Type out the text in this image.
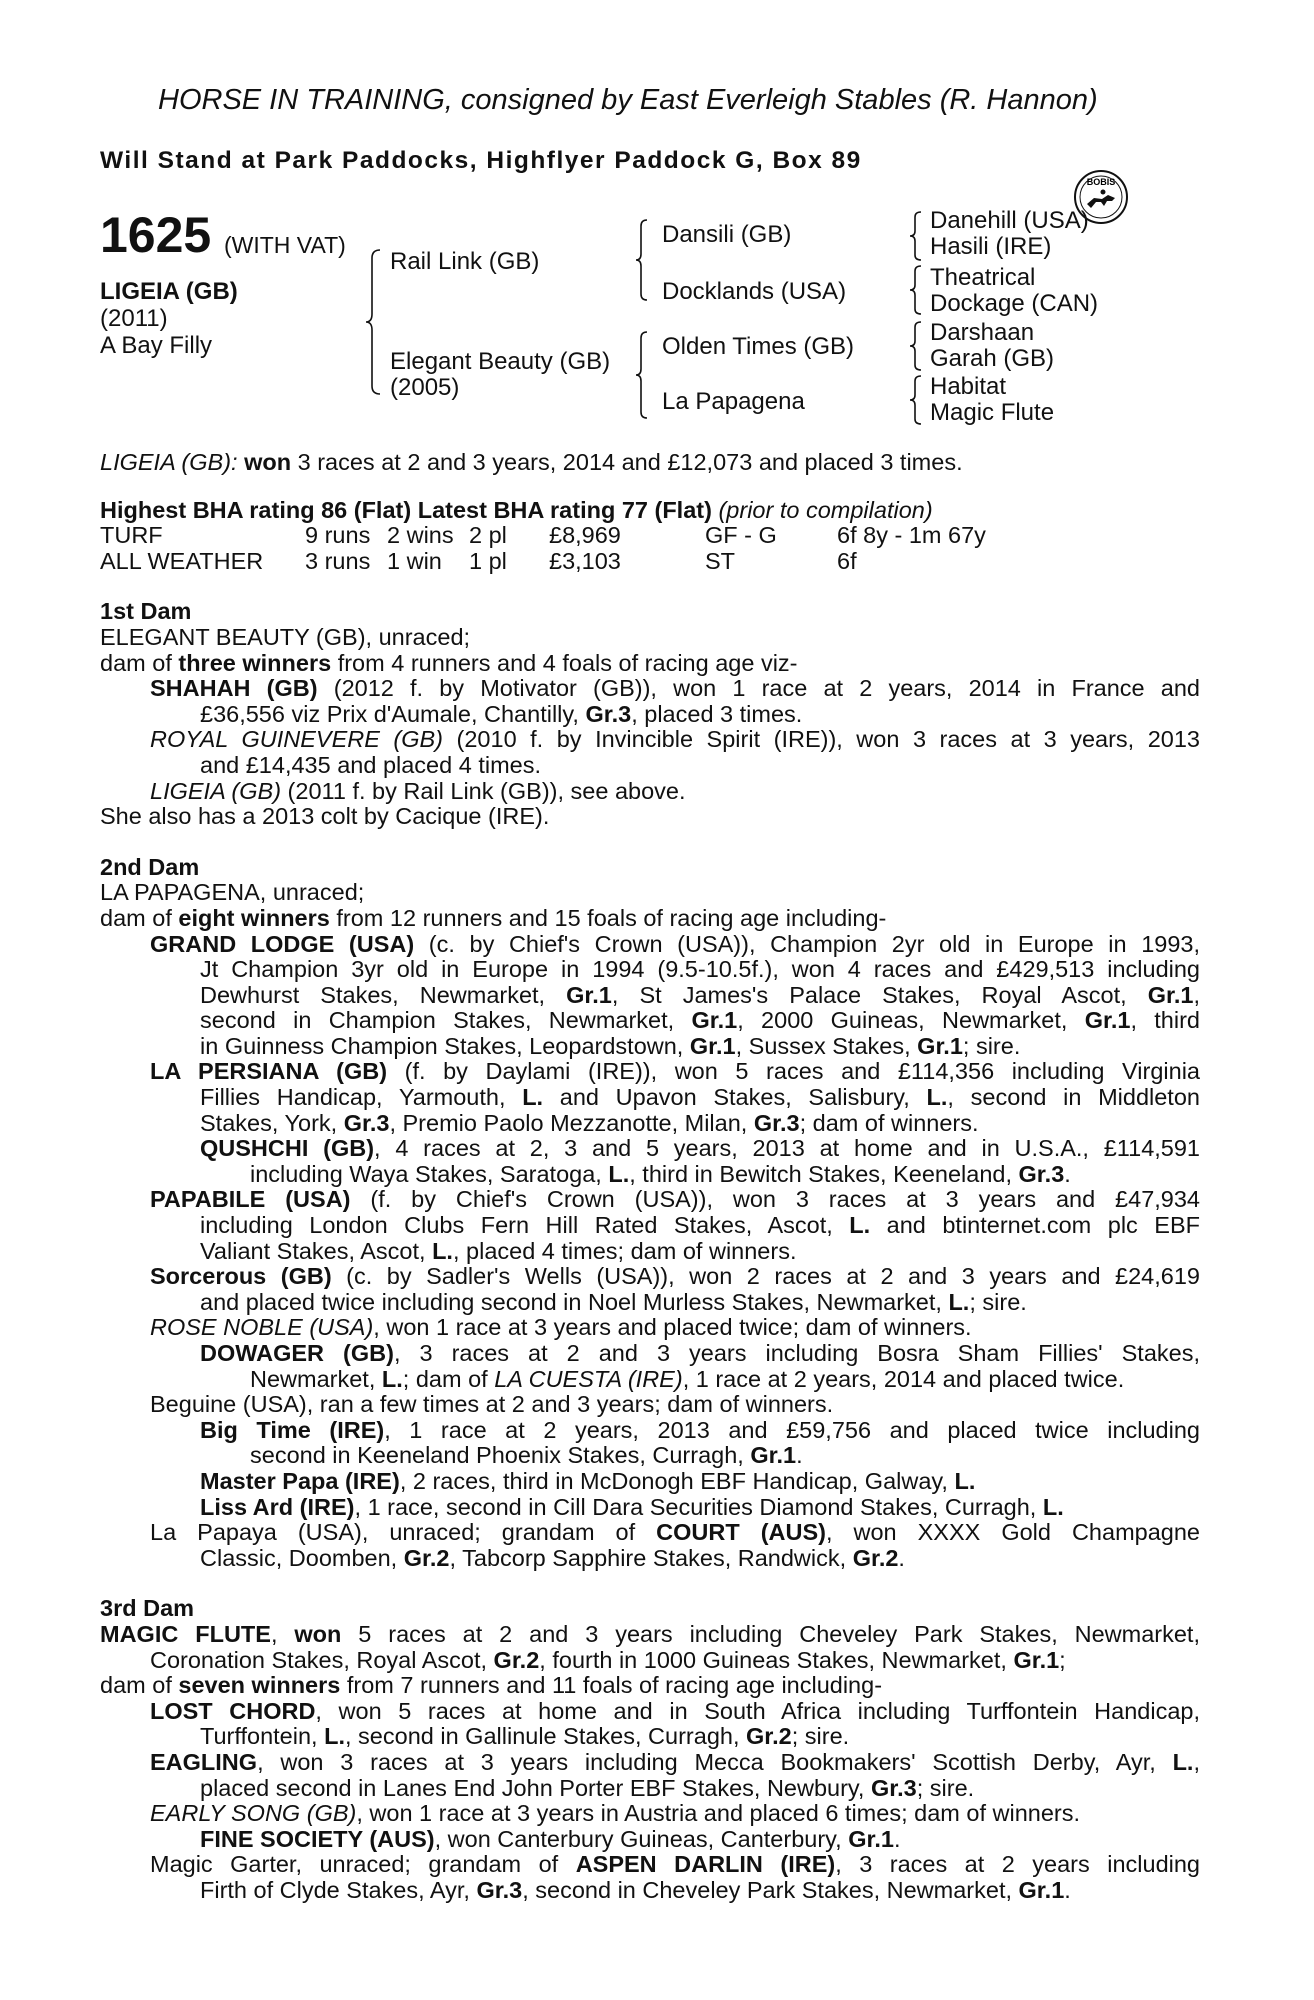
HORSE IN TRAINING, consigned by East Everleigh Stables (R. Hannon)
Will Stand at Park Paddocks, Highflyer Paddock G, Box 89
BOBIS
1625 (WITH VAT)
LIGEIA (GB)
(2011)
A Bay Filly
Rail Link (GB)
Elegant Beauty (GB)
(2005)
Dansili (GB)
Docklands (USA)
Olden Times (GB)
La Papagena
Danehill (USA)
Hasili (IRE)
Theatrical
Dockage (CAN)
Darshaan
Garah (GB)
Habitat
Magic Flute

LIGEIA (GB): won 3 races at 2 and 3 years, 2014 and £12,073 and placed 3 times.

Highest BHA rating 86 (Flat) Latest BHA rating 77 (Flat) (prior to compilation)

TURF	9 runs	2 wins	2 pl	£8,969	GF - G	6f 8y - 1m 67y
ALL WEATHER	3 runs	1 win	1 pl	£3,103	ST	6f

1st Dam

ELEGANT BEAUTY (GB), unraced;

dam of three winners from 4 runners and 4 foals of racing age viz-

SHAHAH (GB) (2012 f. by Motivator (GB)), won 1 race at 2 years, 2014 in France and

£36,556 viz Prix d'Aumale, Chantilly, Gr.3, placed 3 times.

ROYAL GUINEVERE (GB) (2010 f. by Invincible Spirit (IRE)), won 3 races at 3 years, 2013

and £14,435 and placed 4 times.

LIGEIA (GB) (2011 f. by Rail Link (GB)), see above.

She also has a 2013 colt by Cacique (IRE).

2nd Dam

LA PAPAGENA, unraced;

dam of eight winners from 12 runners and 15 foals of racing age including-

GRAND LODGE (USA) (c. by Chief's Crown (USA)), Champion 2yr old in Europe in 1993,

Jt Champion 3yr old in Europe in 1994 (9.5-10.5f.), won 4 races and £429,513 including

Dewhurst Stakes, Newmarket, Gr.1, St James's Palace Stakes, Royal Ascot, Gr.1,

second in Champion Stakes, Newmarket, Gr.1, 2000 Guineas, Newmarket, Gr.1, third

in Guinness Champion Stakes, Leopardstown, Gr.1, Sussex Stakes, Gr.1; sire.

LA PERSIANA (GB) (f. by Daylami (IRE)), won 5 races and £114,356 including Virginia

Fillies Handicap, Yarmouth, L. and Upavon Stakes, Salisbury, L., second in Middleton

Stakes, York, Gr.3, Premio Paolo Mezzanotte, Milan, Gr.3; dam of winners.

QUSHCHI (GB), 4 races at 2, 3 and 5 years, 2013 at home and in U.S.A., £114,591

including Waya Stakes, Saratoga, L., third in Bewitch Stakes, Keeneland, Gr.3.

PAPABILE (USA) (f. by Chief's Crown (USA)), won 3 races at 3 years and £47,934

including London Clubs Fern Hill Rated Stakes, Ascot, L. and btinternet.com plc EBF

Valiant Stakes, Ascot, L., placed 4 times; dam of winners.

Sorcerous (GB) (c. by Sadler's Wells (USA)), won 2 races at 2 and 3 years and £24,619

and placed twice including second in Noel Murless Stakes, Newmarket, L.; sire.

ROSE NOBLE (USA), won 1 race at 3 years and placed twice; dam of winners.

DOWAGER (GB), 3 races at 2 and 3 years including Bosra Sham Fillies' Stakes,

Newmarket, L.; dam of LA CUESTA (IRE), 1 race at 2 years, 2014 and placed twice.

Beguine (USA), ran a few times at 2 and 3 years; dam of winners.

Big Time (IRE), 1 race at 2 years, 2013 and £59,756 and placed twice including

second in Keeneland Phoenix Stakes, Curragh, Gr.1.

Master Papa (IRE), 2 races, third in McDonogh EBF Handicap, Galway, L.

Liss Ard (IRE), 1 race, second in Cill Dara Securities Diamond Stakes, Curragh, L.

La Papaya (USA), unraced; grandam of COURT (AUS), won XXXX Gold Champagne

Classic, Doomben, Gr.2, Tabcorp Sapphire Stakes, Randwick, Gr.2.

3rd Dam

MAGIC FLUTE, won 5 races at 2 and 3 years including Cheveley Park Stakes, Newmarket,

Coronation Stakes, Royal Ascot, Gr.2, fourth in 1000 Guineas Stakes, Newmarket, Gr.1;

dam of seven winners from 7 runners and 11 foals of racing age including-

LOST CHORD, won 5 races at home and in South Africa including Turffontein Handicap,

Turffontein, L., second in Gallinule Stakes, Curragh, Gr.2; sire.

EAGLING, won 3 races at 3 years including Mecca Bookmakers' Scottish Derby, Ayr, L.,

placed second in Lanes End John Porter EBF Stakes, Newbury, Gr.3; sire.

EARLY SONG (GB), won 1 race at 3 years in Austria and placed 6 times; dam of winners.

FINE SOCIETY (AUS), won Canterbury Guineas, Canterbury, Gr.1.

Magic Garter, unraced; grandam of ASPEN DARLIN (IRE), 3 races at 2 years including

Firth of Clyde Stakes, Ayr, Gr.3, second in Cheveley Park Stakes, Newmarket, Gr.1.
